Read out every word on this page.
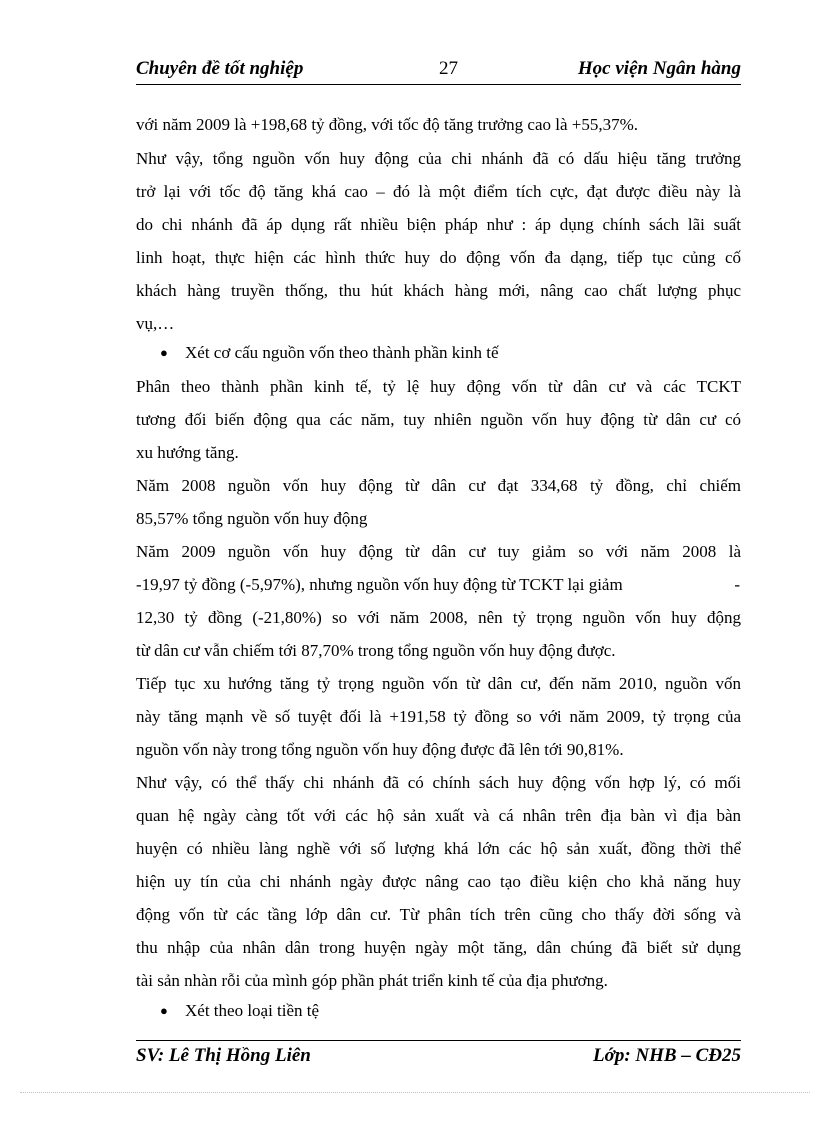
Chuyên đề tốt nghiệp	27	Học viện Ngân hàng
với năm 2009 là +198,68 tỷ đồng, với tốc độ tăng trưởng cao là +55,37%.
Như vậy, tổng nguồn vốn huy động của chi nhánh đã có dấu hiệu tăng trưởng
trở lại với tốc độ tăng khá cao – đó là một điểm tích cực, đạt được điều này là
do chi nhánh đã áp dụng rất nhiều biện pháp như : áp dụng chính sách lãi suất
linh hoạt, thực hiện các hình thức huy do động vốn đa dạng, tiếp tục củng cố
khách hàng truyền thống, thu hút khách hàng mới, nâng cao chất lượng phục
vụ,…
● Xét cơ cấu nguồn vốn theo thành phần kinh tế
Phân theo thành phần kinh tế, tỷ lệ huy động vốn từ dân cư và các TCKT
tương đối biến động qua các năm, tuy nhiên nguồn vốn huy động từ dân cư có
xu hướng tăng.
Năm 2008 nguồn vốn huy động từ dân cư đạt 334,68 tỷ đồng, chỉ chiếm
85,57% tổng nguồn vốn huy động
Năm 2009 nguồn vốn huy động từ dân cư tuy giảm so với năm 2008 là
-19,97 tỷ đồng (-5,97%), nhưng nguồn vốn huy động từ TCKT lại giảm	-
12,30 tỷ đồng (-21,80%) so với năm 2008, nên tỷ trọng nguồn vốn huy động
từ dân cư vẫn chiếm tới 87,70% trong tổng nguồn vốn huy động được.
Tiếp tục xu hướng tăng tỷ trọng nguồn vốn từ dân cư, đến năm 2010, nguồn vốn
này tăng mạnh về số tuyệt đối là +191,58 tỷ đồng so với năm 2009, tỷ trọng của
nguồn vốn này trong tổng nguồn vốn huy động được đã lên tới 90,81%.
Như vậy, có thể thấy chi nhánh đã có chính sách huy động vốn hợp lý, có mối
quan hệ ngày càng tốt với các hộ sản xuất và cá nhân trên địa bàn vì địa bàn
huyện có nhiều làng nghề với số lượng khá lớn các hộ sản xuất, đồng thời thể
hiện uy tín của chi nhánh ngày được nâng cao tạo điều kiện cho khả năng huy
động vốn từ các tầng lớp dân cư. Từ phân tích trên cũng cho thấy đời sống và
thu nhập của nhân dân trong huyện ngày một tăng, dân chúng đã biết sử dụng
tài sản nhàn rỗi của mình góp phần phát triển kinh tế của địa phương.
● Xét theo loại tiền tệ
SV: Lê Thị Hồng Liên	Lớp: NHB – CĐ25
